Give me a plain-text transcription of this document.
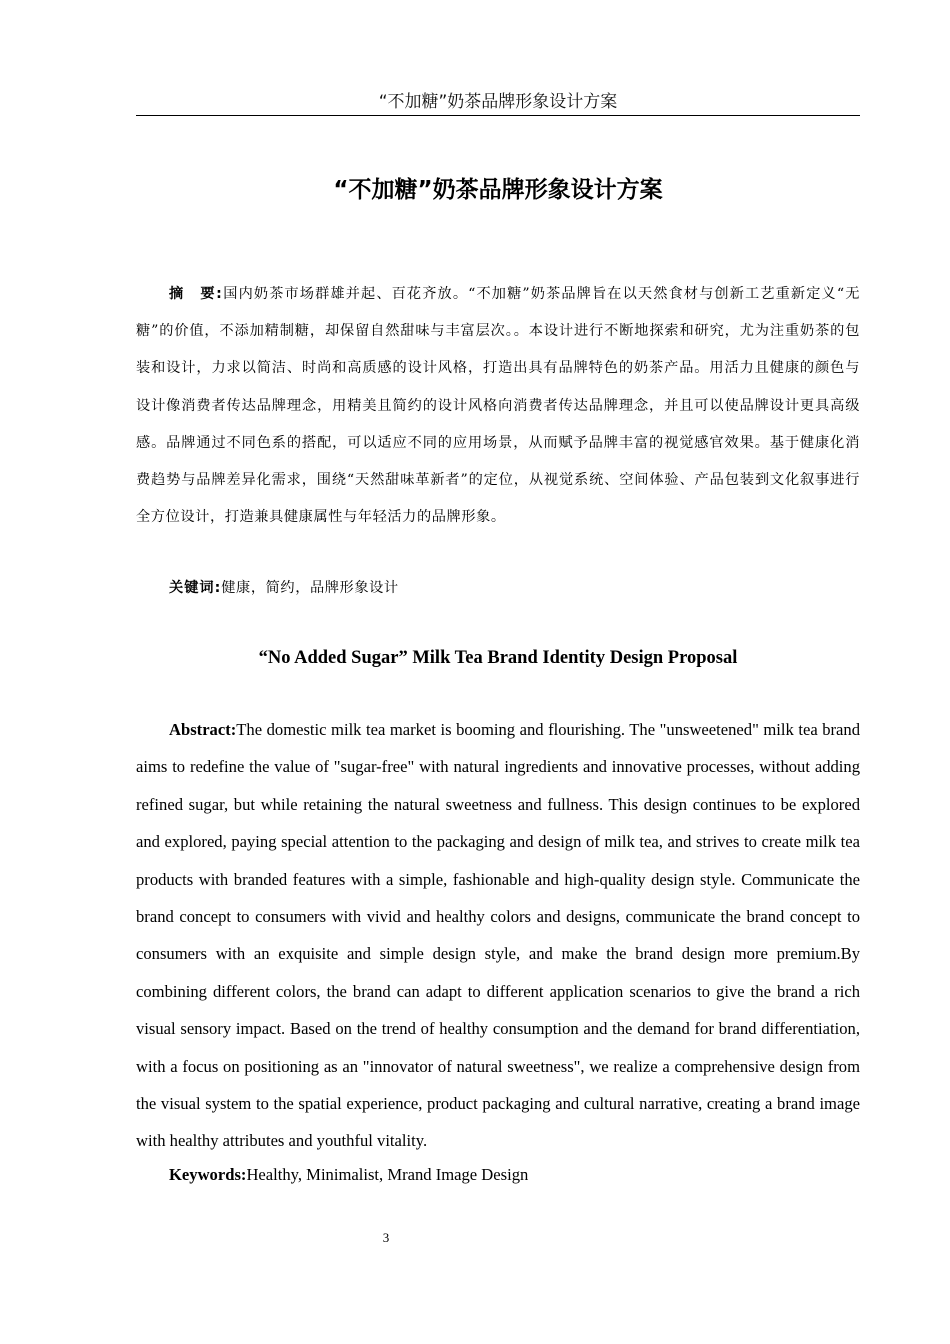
“不加糖”奶茶品牌形象设计方案
“不加糖”奶茶品牌形象设计方案

摘　要:国内奶茶市场群雄并起、百花齐放。“不加糖”奶茶品牌旨在以天然食材与创新工艺重新定义“无糖”的价值，不添加精制糖，却保留自然甜味与丰富层次。。本设计进行不断地探索和研究，尤为注重奶茶的包装和设计，力求以简洁、时尚和高质感的设计风格，打造出具有品牌特色的奶茶产品。用活力且健康的颜色与设计像消费者传达品牌理念，用精美且简约的设计风格向消费者传达品牌理念，并且可以使品牌设计更具高级感。品牌通过不同色系的搭配，可以适应不同的应用场景，从而赋予品牌丰富的视觉感官效果。基于健康化消费趋势与品牌差异化需求，围绕“天然甜味革新者”的定位，从视觉系统、空间体验、产品包装到文化叙事进行全方位设计，打造兼具健康属性与年轻活力的品牌形象。

关键词:健康，简约，品牌形象设计
“No Added Sugar” Milk Tea Brand Identity Design Proposal

Abstract:The domestic milk tea market is booming and flourishing. The "unsweetened" milk tea brand aims to redefine the value of "sugar-free" with natural ingredients and innovative processes, without adding refined sugar, but while retaining the natural sweetness and fullness. This design continues to be explored and explored, paying special attention to the packaging and design of milk tea, and strives to create milk tea products with branded features with a simple, fashionable and high-quality design style. Communicate the brand concept to consumers with vivid and healthy colors and designs, communicate the brand concept to consumers with an exquisite and simple design style, and make the brand design more premium.By combining different colors, the brand can adapt to different application scenarios to give the brand a rich visual sensory impact. Based on the trend of healthy consumption and the demand for brand differentiation, with a focus on positioning as an "innovator of natural sweetness", we realize a comprehensive design from the visual system to the spatial experience, product packaging and cultural narrative, creating a brand image with healthy attributes and youthful vitality.

Keywords:Healthy, Minimalist, Mrand Image Design
3
